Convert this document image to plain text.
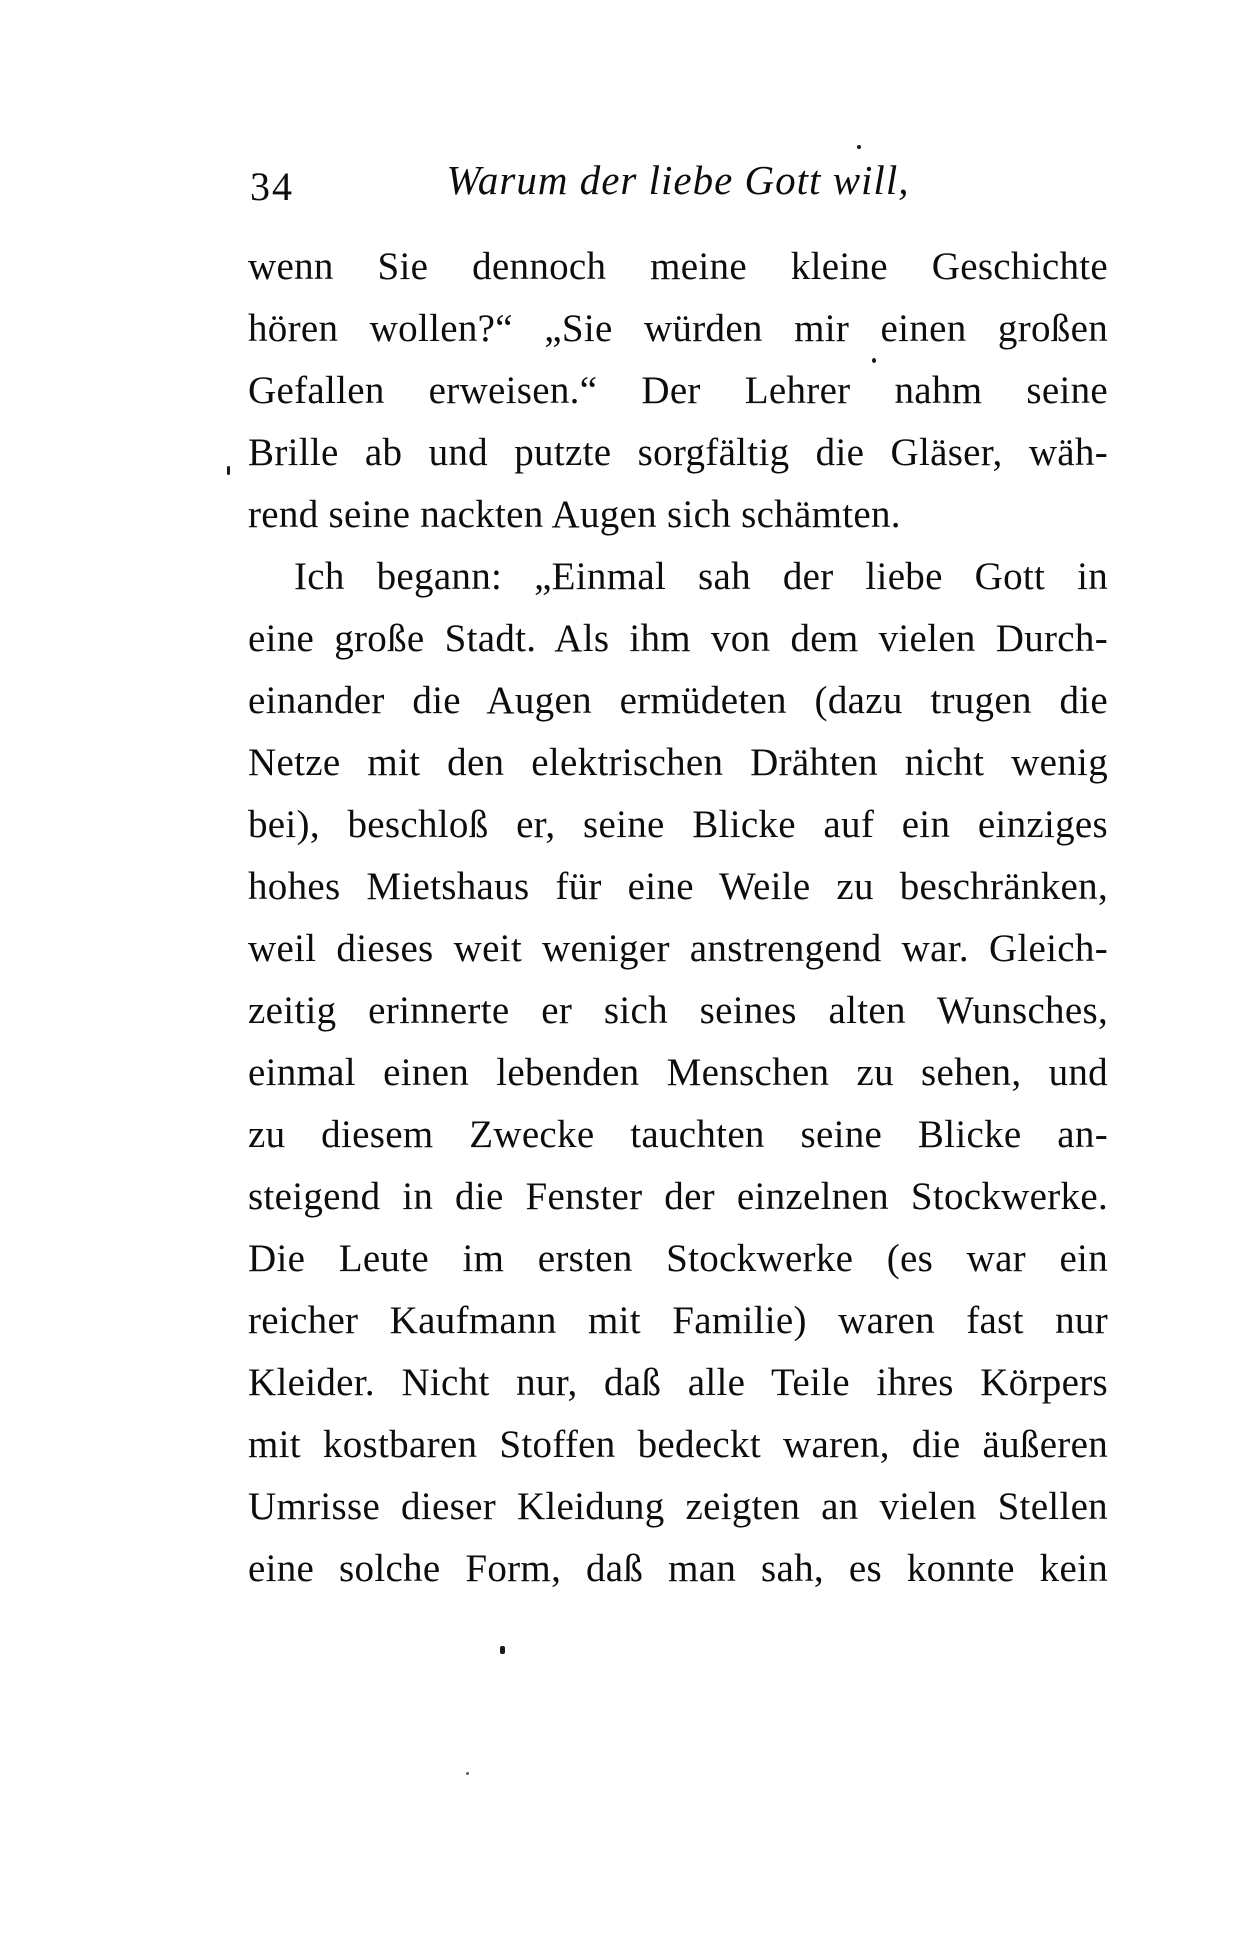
34	Warum der liebe Gott will,
wenn Sie dennoch meine kleine Geschichte
hören wollen?“ „Sie würden mir einen großen
Gefallen erweisen.“ Der Lehrer nahm seine
Brille ab und putzte sorgfältig die Gläser, wäh-
rend seine nackten Augen sich schämten.
Ich begann: „Einmal sah der liebe Gott in
eine große Stadt. Als ihm von dem vielen Durch-
einander die Augen ermüdeten (dazu trugen die
Netze mit den elektrischen Drähten nicht wenig
bei), beschloß er, seine Blicke auf ein einziges
hohes Mietshaus für eine Weile zu beschränken,
weil dieses weit weniger anstrengend war. Gleich-
zeitig erinnerte er sich seines alten Wunsches,
einmal einen lebenden Menschen zu sehen, und
zu diesem Zwecke tauchten seine Blicke an-
steigend in die Fenster der einzelnen Stockwerke.
Die Leute im ersten Stockwerke (es war ein
reicher Kaufmann mit Familie) waren fast nur
Kleider. Nicht nur, daß alle Teile ihres Körpers
mit kostbaren Stoffen bedeckt waren, die äußeren
Umrisse dieser Kleidung zeigten an vielen Stellen
eine solche Form, daß man sah, es konnte kein
